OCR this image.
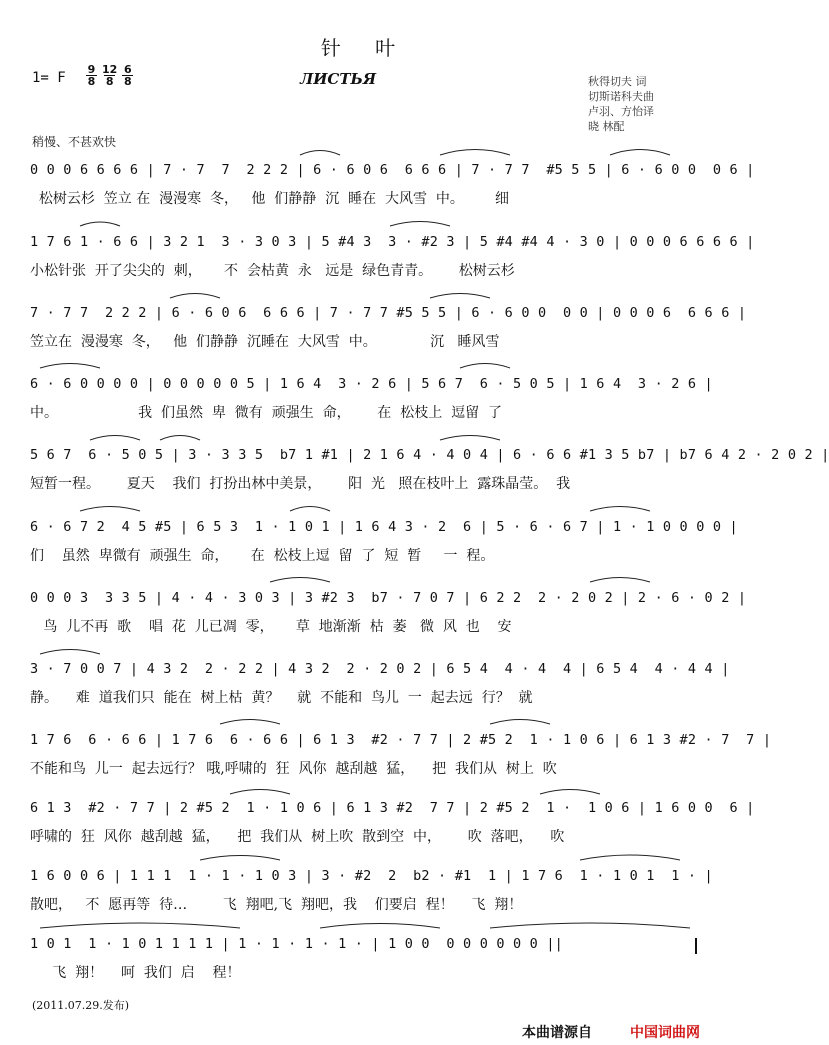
针 叶
ЛИСТЬЯ
1= F $\frac{9}{8} \frac{12}{8} \frac{6}{8}$	秋得切夫 词
切斯诺科夫曲
卢羽、方怡译
晓 林配
稍慢、不甚欢快
0 0 0 6 6 6 6 | 7 · 7  7  2 2 2 | 6 · 6 0 6  6 6 6 | 7 · 7 7  #5 5 5 | 6 · 6 0 0  0 6 |
松树云杉  笠立 在  漫漫寒  冬，   他  们静静  沉  睡在  大风雪  中。       细
1 7 6 1 · 6 6 | 3 2 1  3 · 3 0 3 | 5 #4 3  3 · #2 3 | 5 #4 #4 4 · 3 0 | 0 0 0 6 6 6 6 |
小松针张  开了尖尖的  刺，     不  会枯黄  永   远是  绿色青青。      松树云杉
7 · 7 7  2 2 2 | 6 · 6 0 6  6 6 6 | 7 · 7 7 #5 5 5 | 6 · 6 0 0  0 0 | 0 0 0 6  6 6 6 |
笠立在  漫漫寒  冬，   他  们静静  沉睡在  大风雪  中。            沉   睡风雪
6 · 6 0 0 0 0 | 0 0 0 0 0 5 | 1 6 4  3 · 2 6 | 5 6 7  6 · 5 0 5 | 1 6 4  3 · 2 6 |
中。                  我  们虽然  卑  微有  顽强生  命，      在  松枝上  逗留  了
5 6 7  6 · 5 0 5 | 3 · 3 3 5  b7 1 #1 | 2 1 6 4 · 4 0 4 | 6 · 6 6 #1 3 5 b7 | b7 6 4 2 · 2 0 2 |
短暂一程。      夏天    我们  打扮出林中美景，      阳  光   照在枝叶上  露珠晶莹。  我
6 · 6 7 2  4 5 #5 | 6 5 3  1 · 1 0 1 | 1 6 4 3 · 2  6 | 5 · 6 · 6 7 | 1 · 1 0 0 0 0 |
们    虽然  卑微有  顽强生  命，     在  松枝上逗  留  了  短  暂     一  程。
0 0 0 3  3 3 5 | 4 · 4 · 3 0 3 | 3 #2 3  b7 · 7 0 7 | 6 2 2  2 · 2 0 2 | 2 · 6 · 0 2 |
鸟  儿不再  歌    唱  花  儿已凋  零，     草  地渐渐  枯  萎   微  风  也    安
3 · 7 0 0 7 | 4 3 2  2 · 2 2 | 4 3 2  2 · 2 0 2 | 6 5 4  4 · 4  4 | 6 5 4  4 · 4 4 |
静。    难  道我们只  能在  树上枯  黄？    就  不能和  鸟儿  一  起去远  行？  就
1 7 6  6 · 6 6 | 1 7 6  6 · 6 6 | 6 1 3  #2 · 7 7 | 2 #5 2  1 · 1 0 6 | 6 1 3 #2 · 7  7 |
不能和鸟  儿一  起去远行？ 哦,呼啸的  狂  风你  越刮越  猛，    把  我们从  树上  吹
6 1 3  #2 · 7 7 | 2 #5 2  1 · 1 0 6 | 6 1 3 #2  7 7 | 2 #5 2  1 ·  1 0 6 | 1 6 0 0  6 |
呼啸的  狂  风你  越刮越  猛，    把  我们从  树上吹  散到空  中，      吹  落吧，    吹
1 6 0 0 6 | 1 1 1  1 · 1 · 1 0 3 | 3 · #2  2  b2 · #1  1 | 1 7 6  1 · 1 0 1  1 · |
散吧，   不  愿再等  待…        飞  翔吧,飞  翔吧，我    们要启  程！    飞  翔！
1 0 1  1 · 1 0 1 1 1 1 | 1 · 1 · 1 · 1 · | 1 0 0  0 0 0 0 0 0 ||
飞  翔！    呵  我们  启    程！
(2011.07.29.发布)
本曲谱源自	中国词曲网
